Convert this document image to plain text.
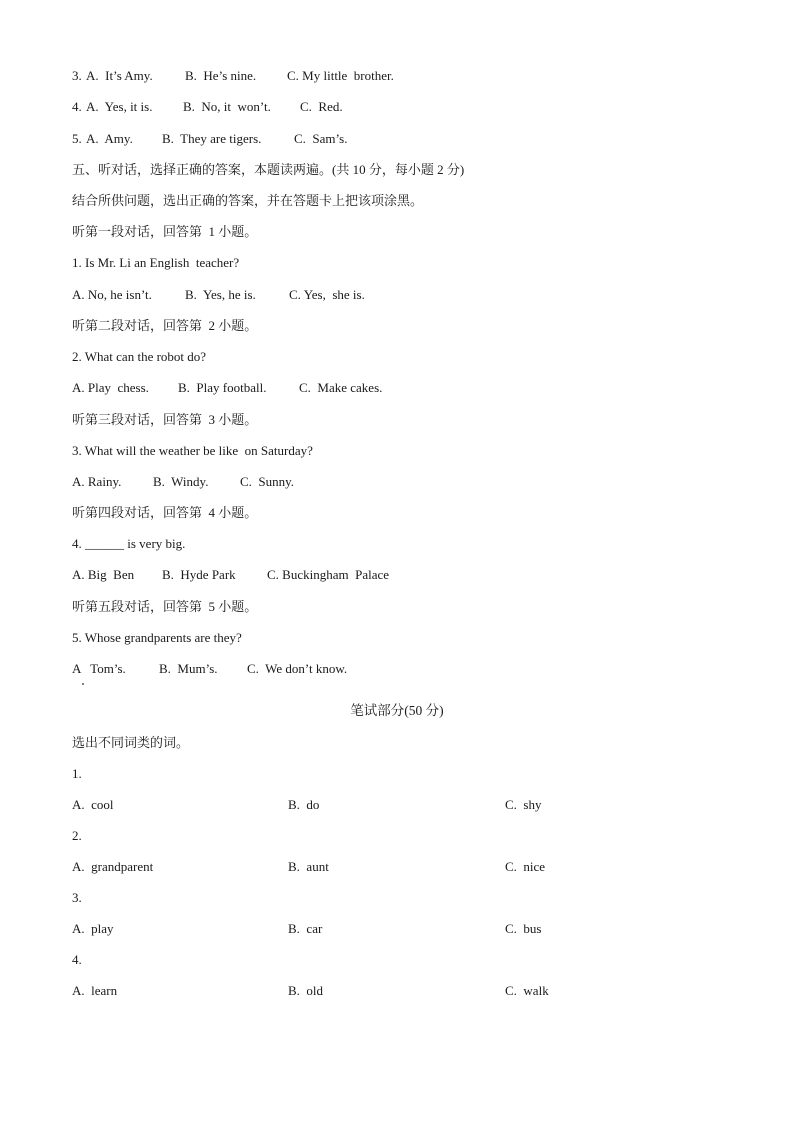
3. A.  It’s Amy. B.  He’s nine. C. My little  brother.
4. A.  Yes, it is. B.  No, it  won’t. C.  Red.
5. A.  Amy. B.  They are tigers.	C.  Sam’s.
五、听对话，选择正确的答案，本题读两遍。(共 10 分，每小题 2 分)
结合所供问题，选出正确的答案，并在答题卡上把该项涂黑。
听第一段对话，回答第  1 小题。
1. Is Mr. Li an English  teacher?
A. No, he isn’t.	B.  Yes, he is.	C. Yes,  she is.
听第二段对话，回答第  2 小题。
2. What can the robot do?
A. Play  chess. B.  Play football.	C.  Make cakes.
听第三段对话，回答第  3 小题。
3. What will the weather be like  on Saturday?
A. Rainy. B.  Windy. C.  Sunny.
听第四段对话，回答第  4 小题。
4. ______ is very big.
A. Big  Ben B.  Hyde Park C. Buckingham  Palace
听第五段对话，回答第  5 小题。
5. Whose grandparents are they?
A   Tom’s.	B.  Mum’s. C.  We don’t know.
笔试部分(50 分)
选出不同词类的词。
1.
A.  cool	B.  do	C.  shy
2.
A.  grandparent	B.  aunt	C.  nice
3.
A.  play	B.  car	C.  bus
4.
A.  learn	B.  old	C.  walk
